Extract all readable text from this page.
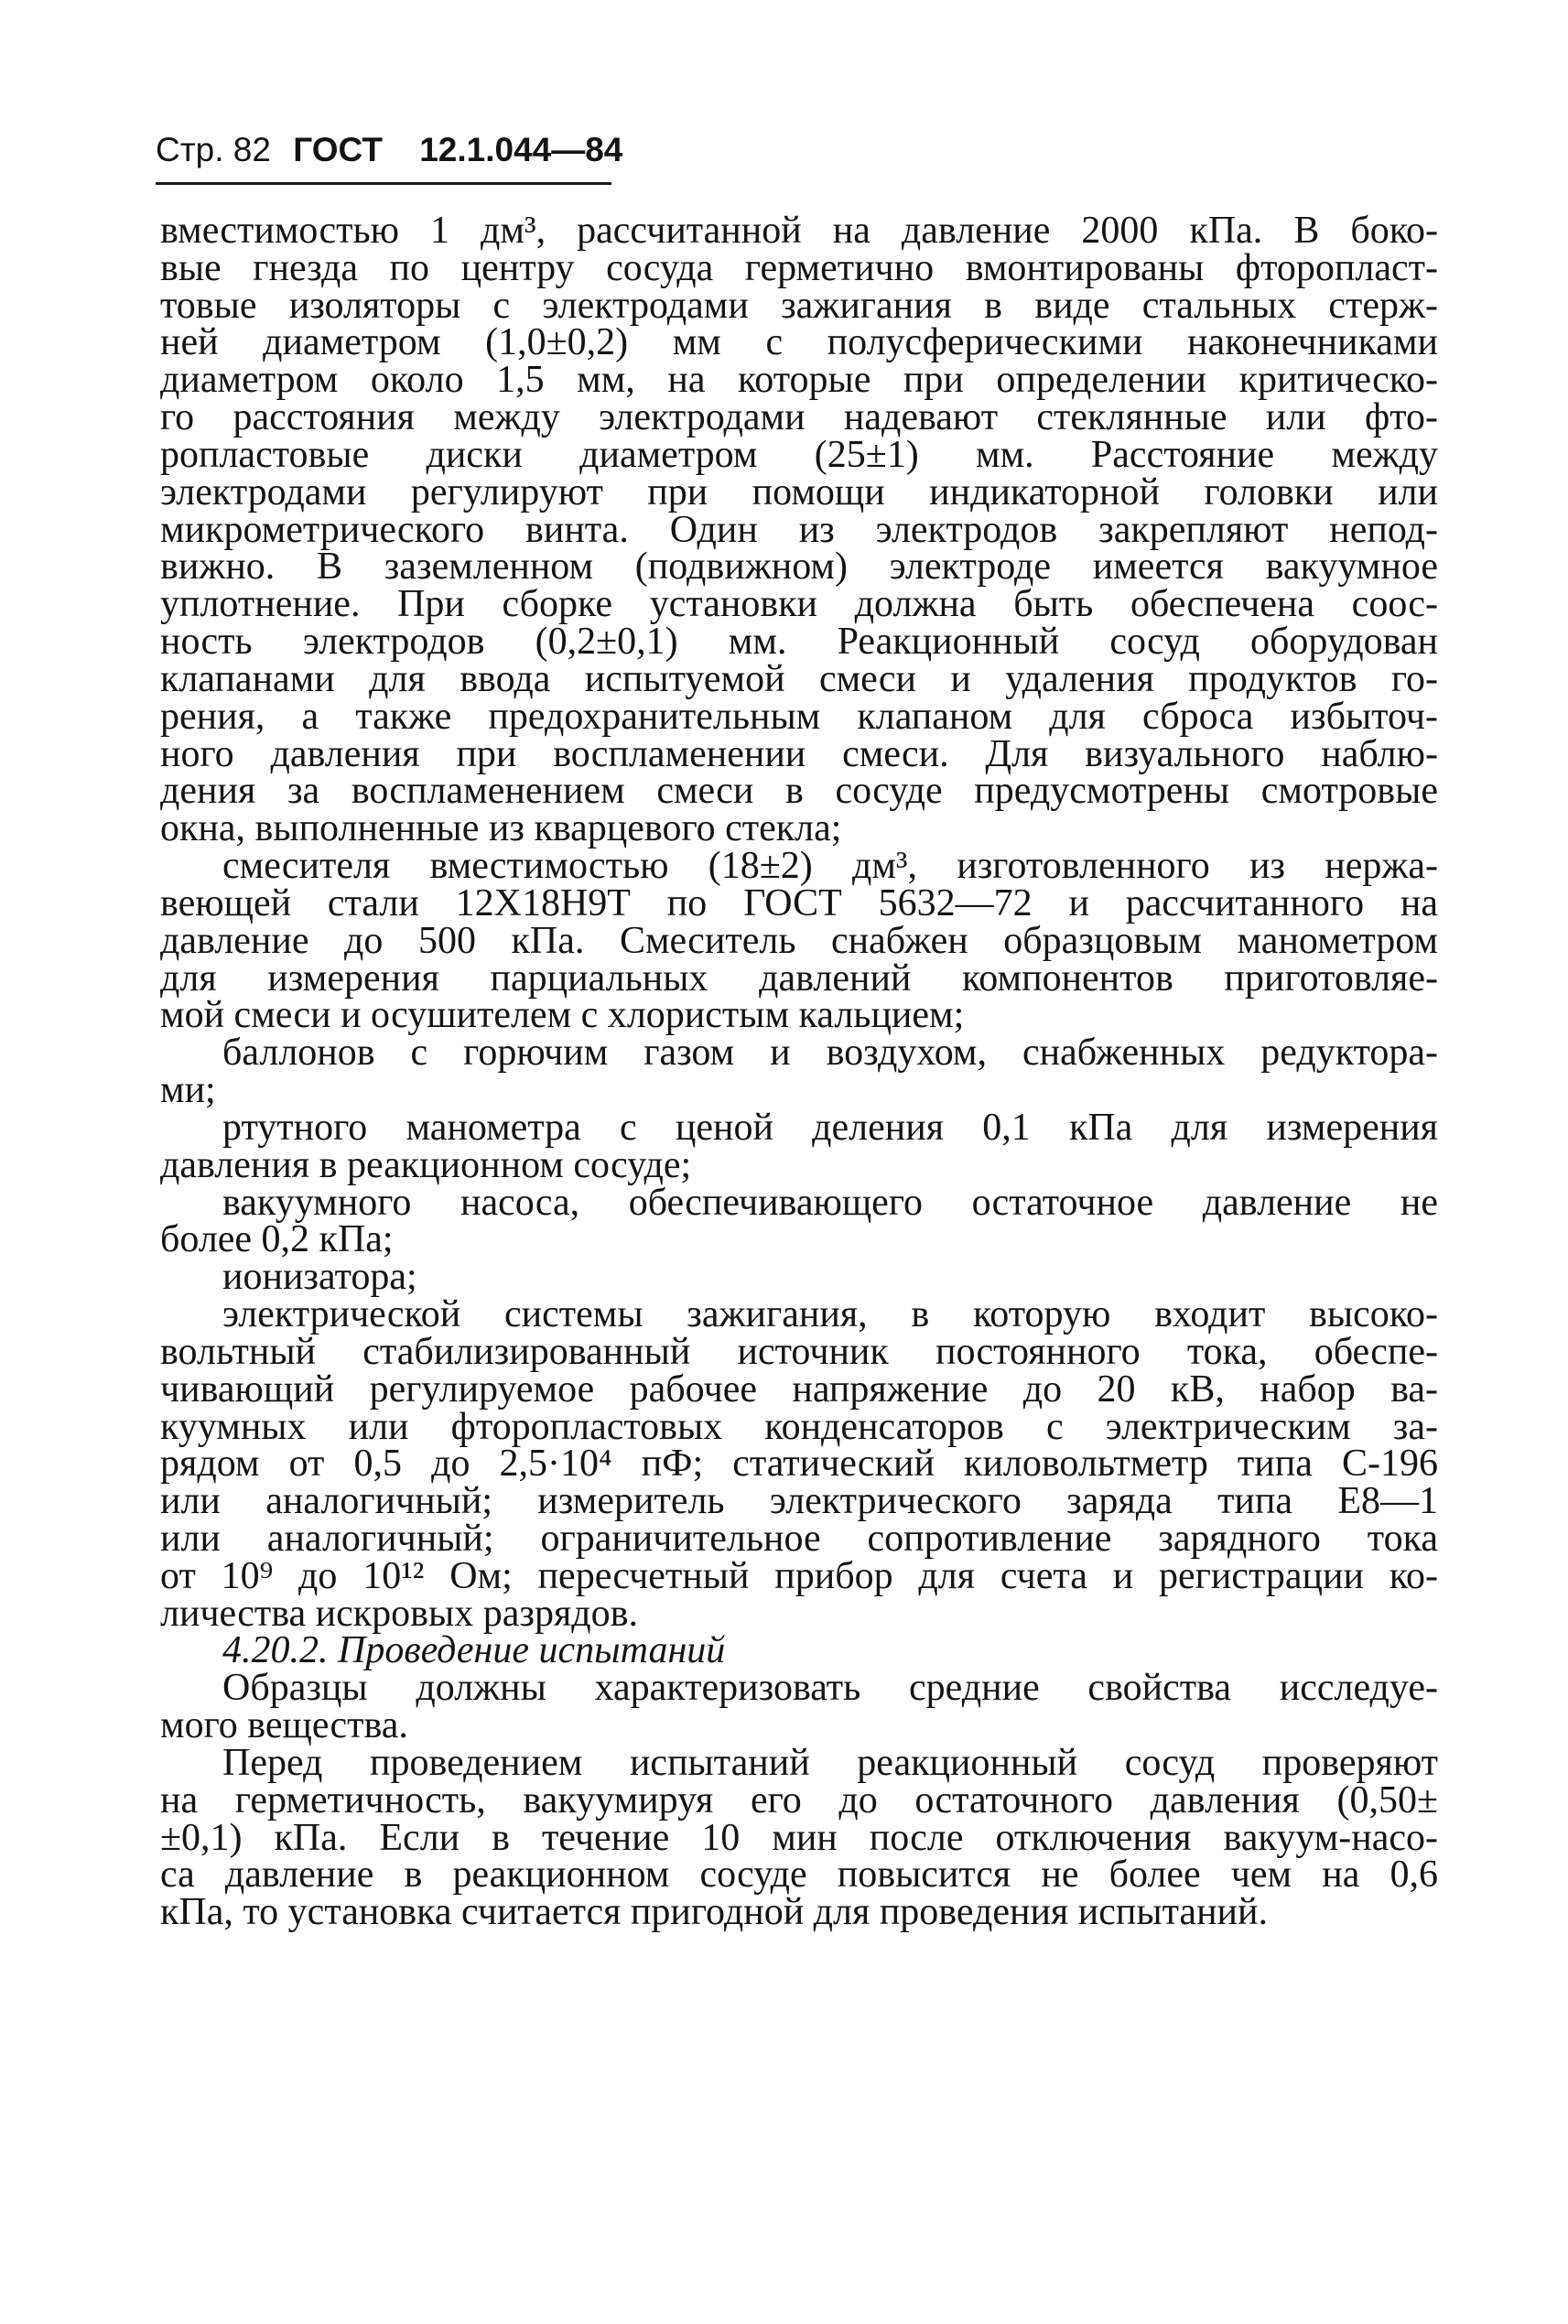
Стр. 82 ГОСТ 12.1.044—84
вместимостью 1 дм³, рассчитанной на давление 2000 кПа. В боко-
вые гнезда по центру сосуда герметично вмонтированы фторопласт-
товые изоляторы с электродами зажигания в виде стальных стерж-
ней диаметром (1,0±0,2) мм с полусферическими наконечниками
диаметром около 1,5 мм, на которые при определении критическо-
го расстояния между электродами надевают стеклянные или фто-
ропластовые диски диаметром (25±1) мм. Расстояние между
электродами регулируют при помощи индикаторной головки или
микрометрического винта. Один из электродов закрепляют непод-
вижно. В заземленном (подвижном) электроде имеется вакуумное
уплотнение. При сборке установки должна быть обеспечена соос-
ность электродов (0,2±0,1) мм. Реакционный сосуд оборудован
клапанами для ввода испытуемой смеси и удаления продуктов го-
рения, а также предохранительным клапаном для сброса избыточ-
ного давления при воспламенении смеси. Для визуального наблю-
дения за воспламенением смеси в сосуде предусмотрены смотровые
окна, выполненные из кварцевого стекла;
смесителя вместимостью (18±2) дм³, изготовленного из нержа-
веющей стали 12Х18Н9Т по ГОСТ 5632—72 и рассчитанного на
давление до 500 кПа. Смеситель снабжен образцовым манометром
для измерения парциальных давлений компонентов приготовляе-
мой смеси и осушителем с хлористым кальцием;
баллонов с горючим газом и воздухом, снабженных редуктора-
ми;
ртутного манометра с ценой деления 0,1 кПа для измерения
давления в реакционном сосуде;
вакуумного насоса, обеспечивающего остаточное давление не
более 0,2 кПа;
ионизатора;
электрической системы зажигания, в которую входит высоко-
вольтный стабилизированный источник постоянного тока, обеспе-
чивающий регулируемое рабочее напряжение до 20 кВ, набор ва-
куумных или фторопластовых конденсаторов с электрическим за-
рядом от 0,5 до 2,5·10⁴ пФ; статический киловольтметр типа С-196
или аналогичный; измеритель электрического заряда типа Е8—1
или аналогичный; ограничительное сопротивление зарядного тока
от 10⁹ до 10¹² Ом; пересчетный прибор для счета и регистрации ко-
личества искровых разрядов.
4.20.2. Проведение испытаний
Образцы должны характеризовать средние свойства исследуе-
мого вещества.
Перед проведением испытаний реакционный сосуд проверяют
на герметичность, вакуумируя его до остаточного давления (0,50±
±0,1) кПа. Если в течение 10 мин после отключения вакуум-насо-
са давление в реакционном сосуде повысится не более чем на 0,6
кПа, то установка считается пригодной для проведения испытаний.
